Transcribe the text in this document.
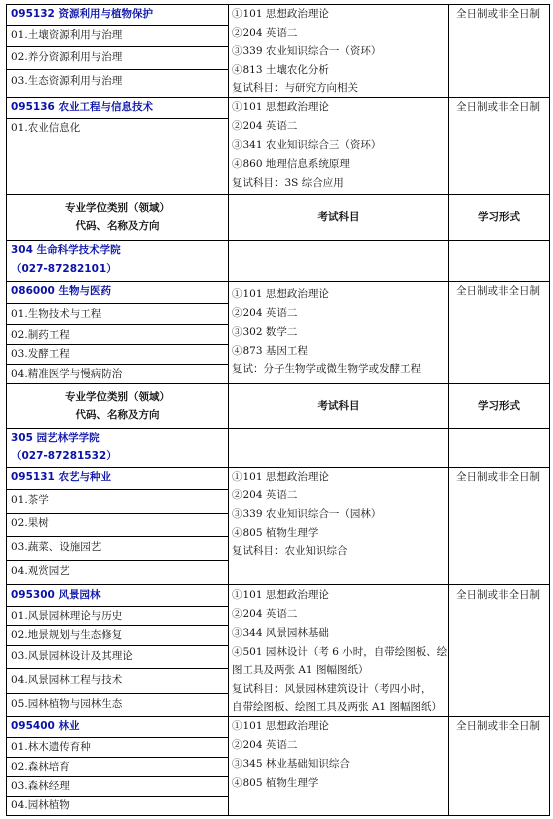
095132 资源利用与植物保护
01.土壤资源利用与治理
02.养分资源利用与治理
03.生态资源利用与治理
①101 思想政治理论
②204 英语二
③339 农业知识综合一（资环）
④813 土壤农化分析
复试科目：与研究方向相关
全日制或非全日制
095136 农业工程与信息技术
01.农业信息化
①101 思想政治理论
②204 英语二
③341 农业知识综合三（资环）
④860 地理信息系统原理
复试科目：3S 综合应用
全日制或非全日制
专业学位类别（领域）
代码、名称及方向
考试科目	学习形式
304 生命科学技术学院
（027-87282101）
086000 生物与医药
01.生物技术与工程
02.制药工程
03.发酵工程
04.精准医学与慢病防治
①101 思想政治理论
②204 英语二
③302 数学二
④873 基因工程
复试：分子生物学或微生物学或发酵工程
全日制或非全日制
专业学位类别（领域）
代码、名称及方向
考试科目	学习形式
305 园艺林学学院
（027-87281532）
095131 农艺与种业
01.茶学
02.果树
03.蔬菜、设施园艺
04.观赏园艺
①101 思想政治理论
②204 英语二
③339 农业知识综合一（园林）
④805 植物生理学
复试科目：农业知识综合
全日制或非全日制
095300 风景园林
01.风景园林理论与历史
02.地景规划与生态修复
03.风景园林设计及其理论
04.风景园林工程与技术
05.园林植物与园林生态
①101 思想政治理论
②204 英语二
③344 风景园林基础
④501 园林设计（考 6 小时，自带绘图板、绘
图工具及两张 A1 图幅图纸）
复试科目：风景园林建筑设计（考四小时，
自带绘图板、绘图工具及两张 A1 图幅图纸）
全日制或非全日制
095400 林业
01.林木遗传育种
02.森林培育
03.森林经理
04.园林植物
①101 思想政治理论
②204 英语二
③345 林业基础知识综合
④805 植物生理学
全日制或非全日制
